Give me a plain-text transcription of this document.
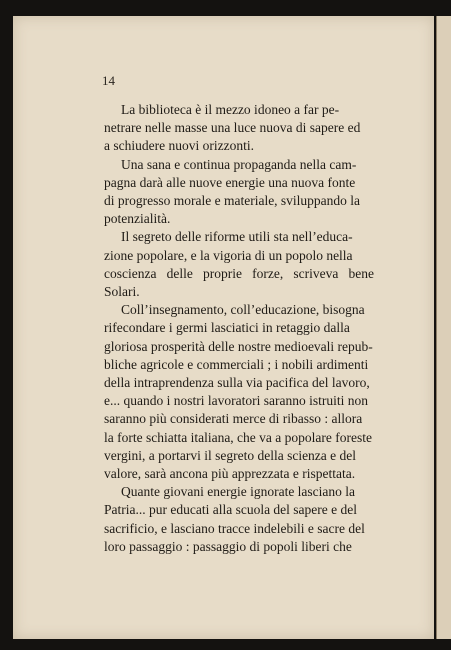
14

La biblioteca è il mezzo idoneo a far pe-
netrare nelle masse una luce nuova di sapere ed
a schiudere nuovi orizzonti.

Una sana e continua propaganda nella cam-
pagna darà alle nuove energie una nuova fonte
di progresso morale e materiale, sviluppando la
potenzialità.

Il segreto delle riforme utili sta nell’educa-
zione popolare, e la vigoria di un popolo nella
coscienza delle proprie forze, scriveva bene Solari.

Coll’insegnamento, coll’educazione, bisogna
rifecondare i germi lasciatici in retaggio dalla
gloriosa prosperità delle nostre medioevali repub-
bliche agricole e commerciali ; i nobili ardimenti
della intraprendenza sulla via pacifica del lavoro,
e... quando i nostri lavoratori saranno istruiti non
saranno più considerati merce di ribasso : allora
la forte schiatta italiana, che va a popolare foreste
vergini, a portarvi il segreto della scienza e del
valore, sarà ancona più apprezzata e rispettata.

Quante giovani energie ignorate lasciano la
Patria... pur educati alla scuola del sapere e del
sacrificio, e lasciano tracce indelebili e sacre del
loro passaggio : passaggio di popoli liberi che
